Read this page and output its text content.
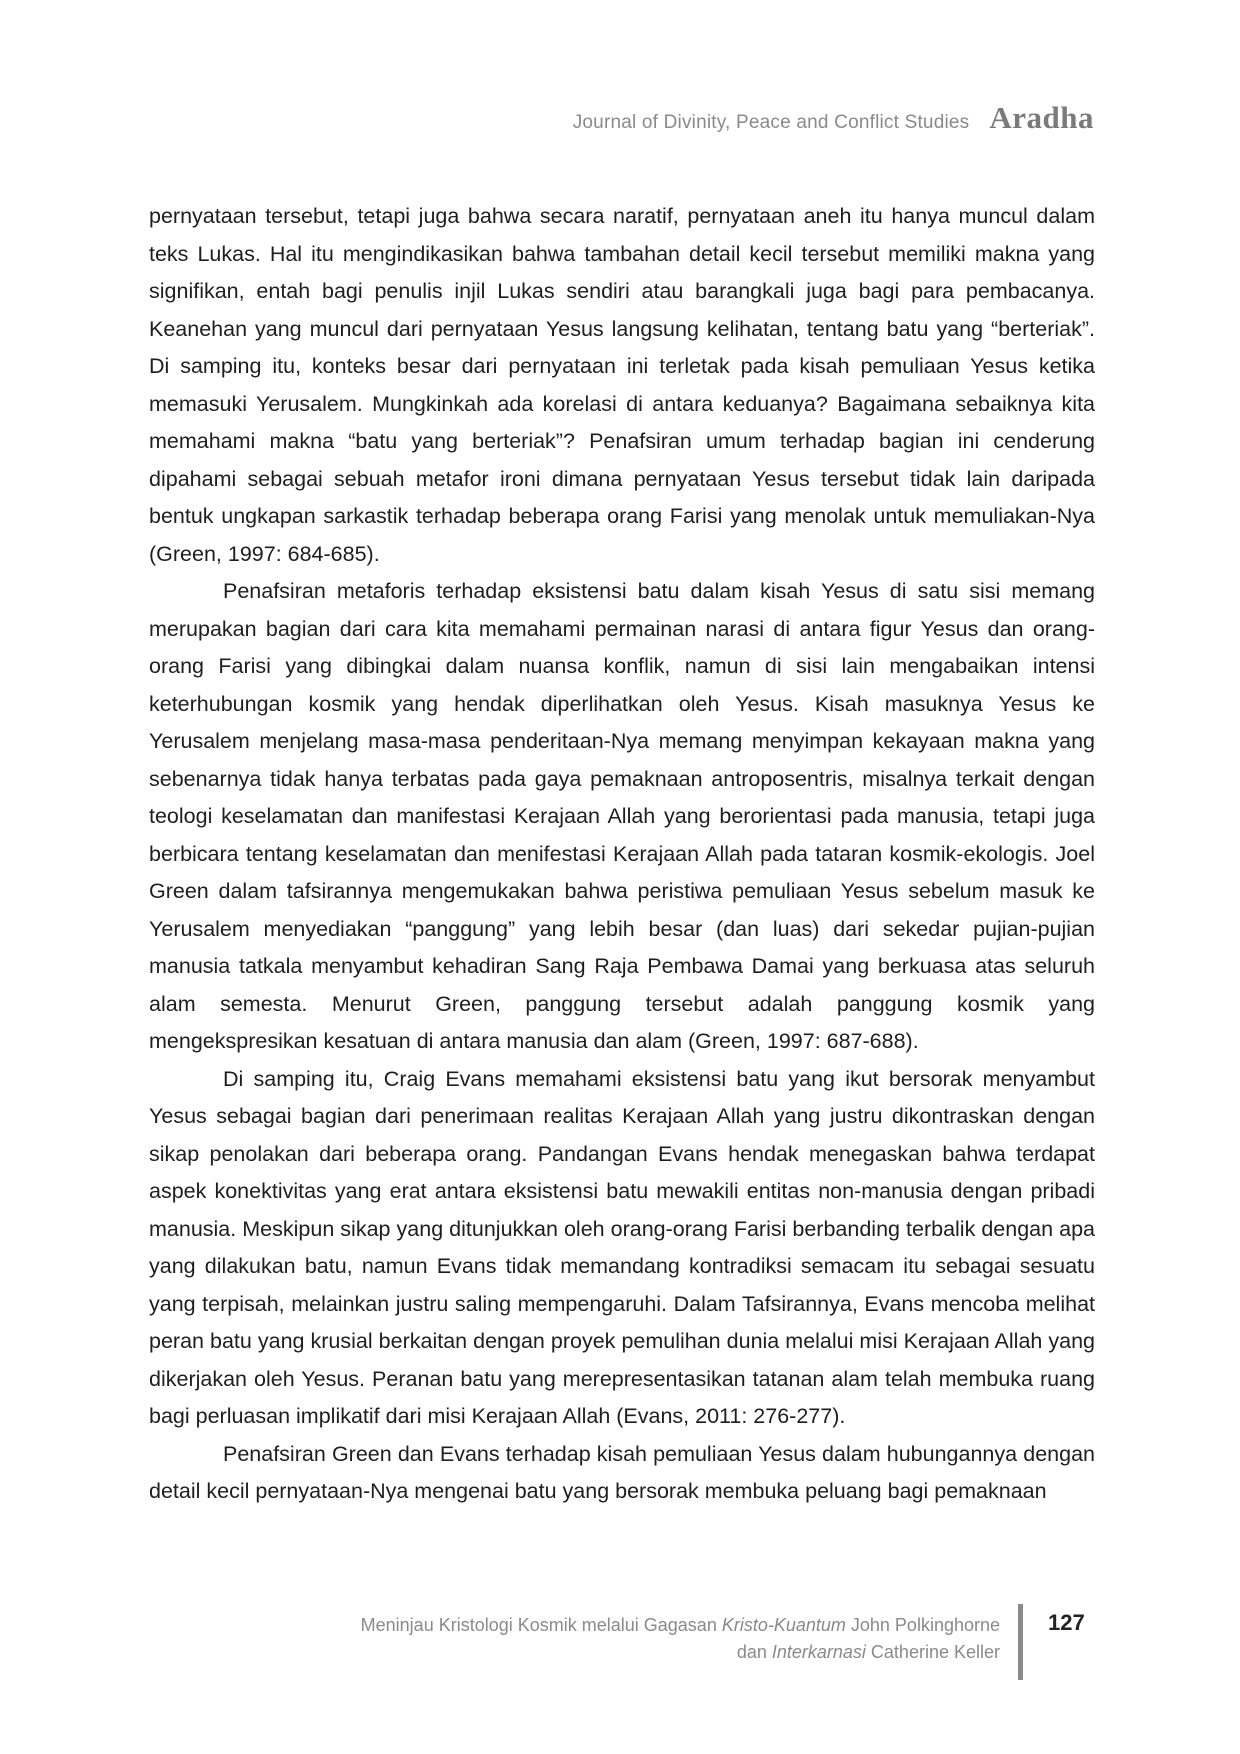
Journal of Divinity, Peace and Conflict Studies Aradha

pernyataan tersebut, tetapi juga bahwa secara naratif, pernyataan aneh itu hanya muncul dalam teks Lukas. Hal itu mengindikasikan bahwa tambahan detail kecil tersebut memiliki makna yang signifikan, entah bagi penulis injil Lukas sendiri atau barangkali juga bagi para pembacanya. Keanehan yang muncul dari pernyataan Yesus langsung kelihatan, tentang batu yang “berteriak”. Di samping itu, konteks besar dari pernyataan ini terletak pada kisah pemuliaan Yesus ketika memasuki Yerusalem. Mungkinkah ada korelasi di antara keduanya? Bagaimana sebaiknya kita memahami makna “batu yang berteriak”? Penafsiran umum terhadap bagian ini cenderung dipahami sebagai sebuah metafor ironi dimana pernyataan Yesus tersebut tidak lain daripada bentuk ungkapan sarkastik terhadap beberapa orang Farisi yang menolak untuk memuliakan-Nya (Green, 1997: 684-685).

Penafsiran metaforis terhadap eksistensi batu dalam kisah Yesus di satu sisi memang merupakan bagian dari cara kita memahami permainan narasi di antara figur Yesus dan orang-orang Farisi yang dibingkai dalam nuansa konflik, namun di sisi lain mengabaikan intensi keterhubungan kosmik yang hendak diperlihatkan oleh Yesus. Kisah masuknya Yesus ke Yerusalem menjelang masa-masa penderitaan-Nya memang menyimpan kekayaan makna yang sebenarnya tidak hanya terbatas pada gaya pemaknaan antroposentris, misalnya terkait dengan teologi keselamatan dan manifestasi Kerajaan Allah yang berorientasi pada manusia, tetapi juga berbicara tentang keselamatan dan menifestasi Kerajaan Allah pada tataran kosmik-ekologis. Joel Green dalam tafsirannya mengemukakan bahwa peristiwa pemuliaan Yesus sebelum masuk ke Yerusalem menyediakan “panggung” yang lebih besar (dan luas) dari sekedar pujian-pujian manusia tatkala menyambut kehadiran Sang Raja Pembawa Damai yang berkuasa atas seluruh alam semesta. Menurut Green, panggung tersebut adalah panggung kosmik yang mengekspresikan kesatuan di antara manusia dan alam (Green, 1997: 687-688).

Di samping itu, Craig Evans memahami eksistensi batu yang ikut bersorak menyambut Yesus sebagai bagian dari penerimaan realitas Kerajaan Allah yang justru dikontraskan dengan sikap penolakan dari beberapa orang. Pandangan Evans hendak menegaskan bahwa terdapat aspek konektivitas yang erat antara eksistensi batu mewakili entitas non-manusia dengan pribadi manusia. Meskipun sikap yang ditunjukkan oleh orang-orang Farisi berbanding terbalik dengan apa yang dilakukan batu, namun Evans tidak memandang kontradiksi semacam itu sebagai sesuatu yang terpisah, melainkan justru saling mempengaruhi. Dalam Tafsirannya, Evans mencoba melihat peran batu yang krusial berkaitan dengan proyek pemulihan dunia melalui misi Kerajaan Allah yang dikerjakan oleh Yesus. Peranan batu yang merepresentasikan tatanan alam telah membuka ruang bagi perluasan implikatif dari misi Kerajaan Allah (Evans, 2011: 276-277).

Penafsiran Green dan Evans terhadap kisah pemuliaan Yesus dalam hubungannya dengan detail kecil pernyataan-Nya mengenai batu yang bersorak membuka peluang bagi pemaknaan

Meninjau Kristologi Kosmik melalui Gagasan Kristo-Kuantum John Polkinghorne
dan Interkarnasi Catherine Keller
127
